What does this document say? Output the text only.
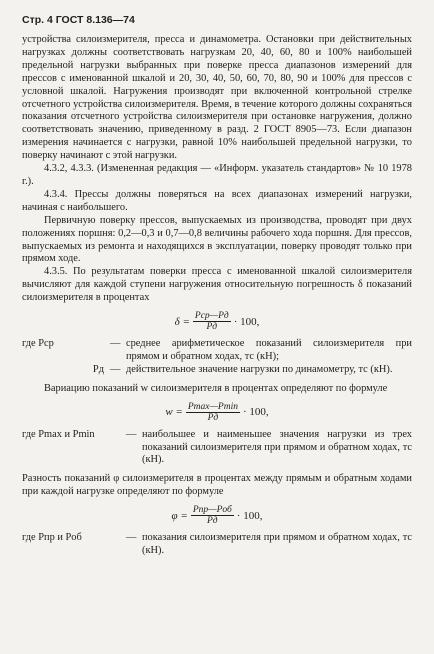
Стр. 4 ГОСТ 8.136—74

устройства силоизмерителя, пресса и динамометра. Остановки при действительных нагрузках должны соответствовать нагрузкам 20, 40, 60, 80 и 100% наибольшей предельной нагрузки выбранных при поверке пресса диапазонов измерений для прессов с именованной шкалой и 20, 30, 40, 50, 60, 70, 80, 90 и 100% для прессов с условной шкалой. Нагружения производят при включенной контрольной стрелке отсчетного устройства силоизмерителя. Время, в течение которого должны сохраняться показания отсчетного устройства силоизмерителя при остановке нагружения, должно соответствовать значению, приведенному в разд. 2 ГОСТ 8905—73. Если диапазон измерения начинается с нагрузки, равной 10% наибольшей предельной нагрузки, то поверку начинают с этой нагрузки.

4.3.2, 4.3.3. (Измененная редакция — «Информ. указатель стандартов» № 10 1978 г.).

4.3.4. Прессы должны поверяться на всех диапазонах измерений нагрузки, начиная с наибольшего.

Первичную поверку прессов, выпускаемых из производства, проводят при двух положениях поршня: 0,2—0,3 и 0,7—0,8 величины рабочего хода поршня. Для прессов, выпускаемых из ремонта и находящихся в эксплуатации, поверку проводят только при прямом ходе.

4.3.5. По результатам поверки пресса с именованной шкалой силоизмерителя вычисляют для каждой ступени нагружения относительную погрешность δ показаний силоизмерителя в процентах

$\delta = \frac{\text{Pср—Pд}}{Pд} \cdot 100$,
где Pср	— среднее арифметическое показаний силоизмерителя при прямом и обратном ходах, тс (кН);
Pд — действительное значение нагрузки по динамометру, тс (кН).

Вариацию показаний w силоизмерителя в процентах определяют по формуле

$w = \frac{Pmax—Pmin}{Pд} \cdot 100$,
где Pmax и Pmin	— наибольшее и наименьшее значения нагрузки из трех показаний силоизмерителя при прямом и обратном ходах, тс (кН).

Разность показаний φ силоизмерителя в процентах между прямым и обратным ходами при каждой нагрузке определяют по формуле

$\varphi = \frac{\text{Pпр—Pоб}}{Pд} \cdot 100$,
где Pпр и Pоб	— показания силоизмерителя при прямом и обратном ходах, тс (кН).
